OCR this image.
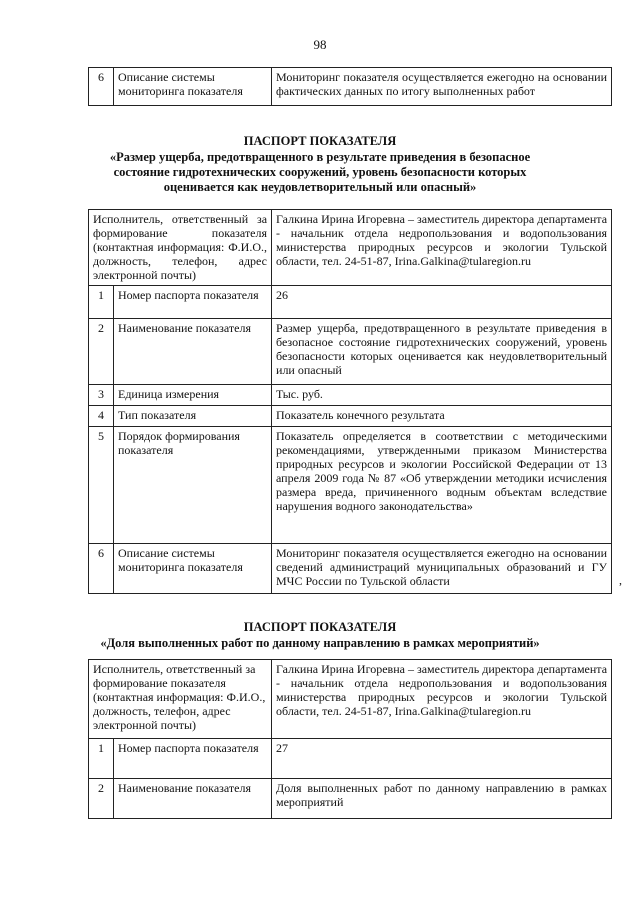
98
6	Описание системы мониторинга показателя	Мониторинг показателя осуществляется ежегодно на основании фактических данных по итогу выполненных работ
ПАСПОРТ ПОКАЗАТЕЛЯ
«Размер ущерба, предотвращенного в результате приведения в безопасное состояние гидротехнических сооружений, уровень безопасности которых оценивается как неудовлетворительный или опасный»
Исполнитель, ответственный за формирование показателя (контактная информация: Ф.И.О., должность, телефон, адрес электронной почты)		Галкина Ирина Игоревна – заместитель директора департамента - начальник отдела недропользования и водопользования министерства природных ресурсов и экологии Тульской области, тел. 24-51-87, Irina.Galkina@tularegion.ru
1	Номер паспорта показателя	26
2	Наименование показателя	Размер ущерба, предотвращенного в результате приведения в безопасное состояние гидротехнических сооружений, уровень безопасности которых оценивается как неудовлетворительный или опасный
3	Единица измерения	Тыс. руб.
4	Тип показателя	Показатель конечного результата
5	Порядок формирования показателя	Показатель определяется в соответствии с методическими рекомендациями, утвержденными приказом Министерства природных ресурсов и экологии Российской Федерации от 13 апреля 2009 года № 87 «Об утверждении методики исчисления размера вреда, причиненного водным объектам вследствие нарушения водного законодательства»
6	Описание системы мониторинга показателя	Мониторинг показателя осуществляется ежегодно на основании сведений администраций муниципальных образований и ГУ МЧС России по Тульской области	,
ПАСПОРТ ПОКАЗАТЕЛЯ
«Доля выполненных работ по данному направлению в рамках мероприятий»
Исполнитель, ответственный за формирование показателя (контактная информация: Ф.И.О., должность, телефон, адрес электронной почты)		Галкина Ирина Игоревна – заместитель директора департамента - начальник отдела недропользования и водопользования министерства природных ресурсов и экологии Тульской области, тел. 24-51-87, Irina.Galkina@tularegion.ru
1	Номер паспорта показателя	27
2	Наименование показателя	Доля выполненных работ по данному направлению в рамках мероприятий
